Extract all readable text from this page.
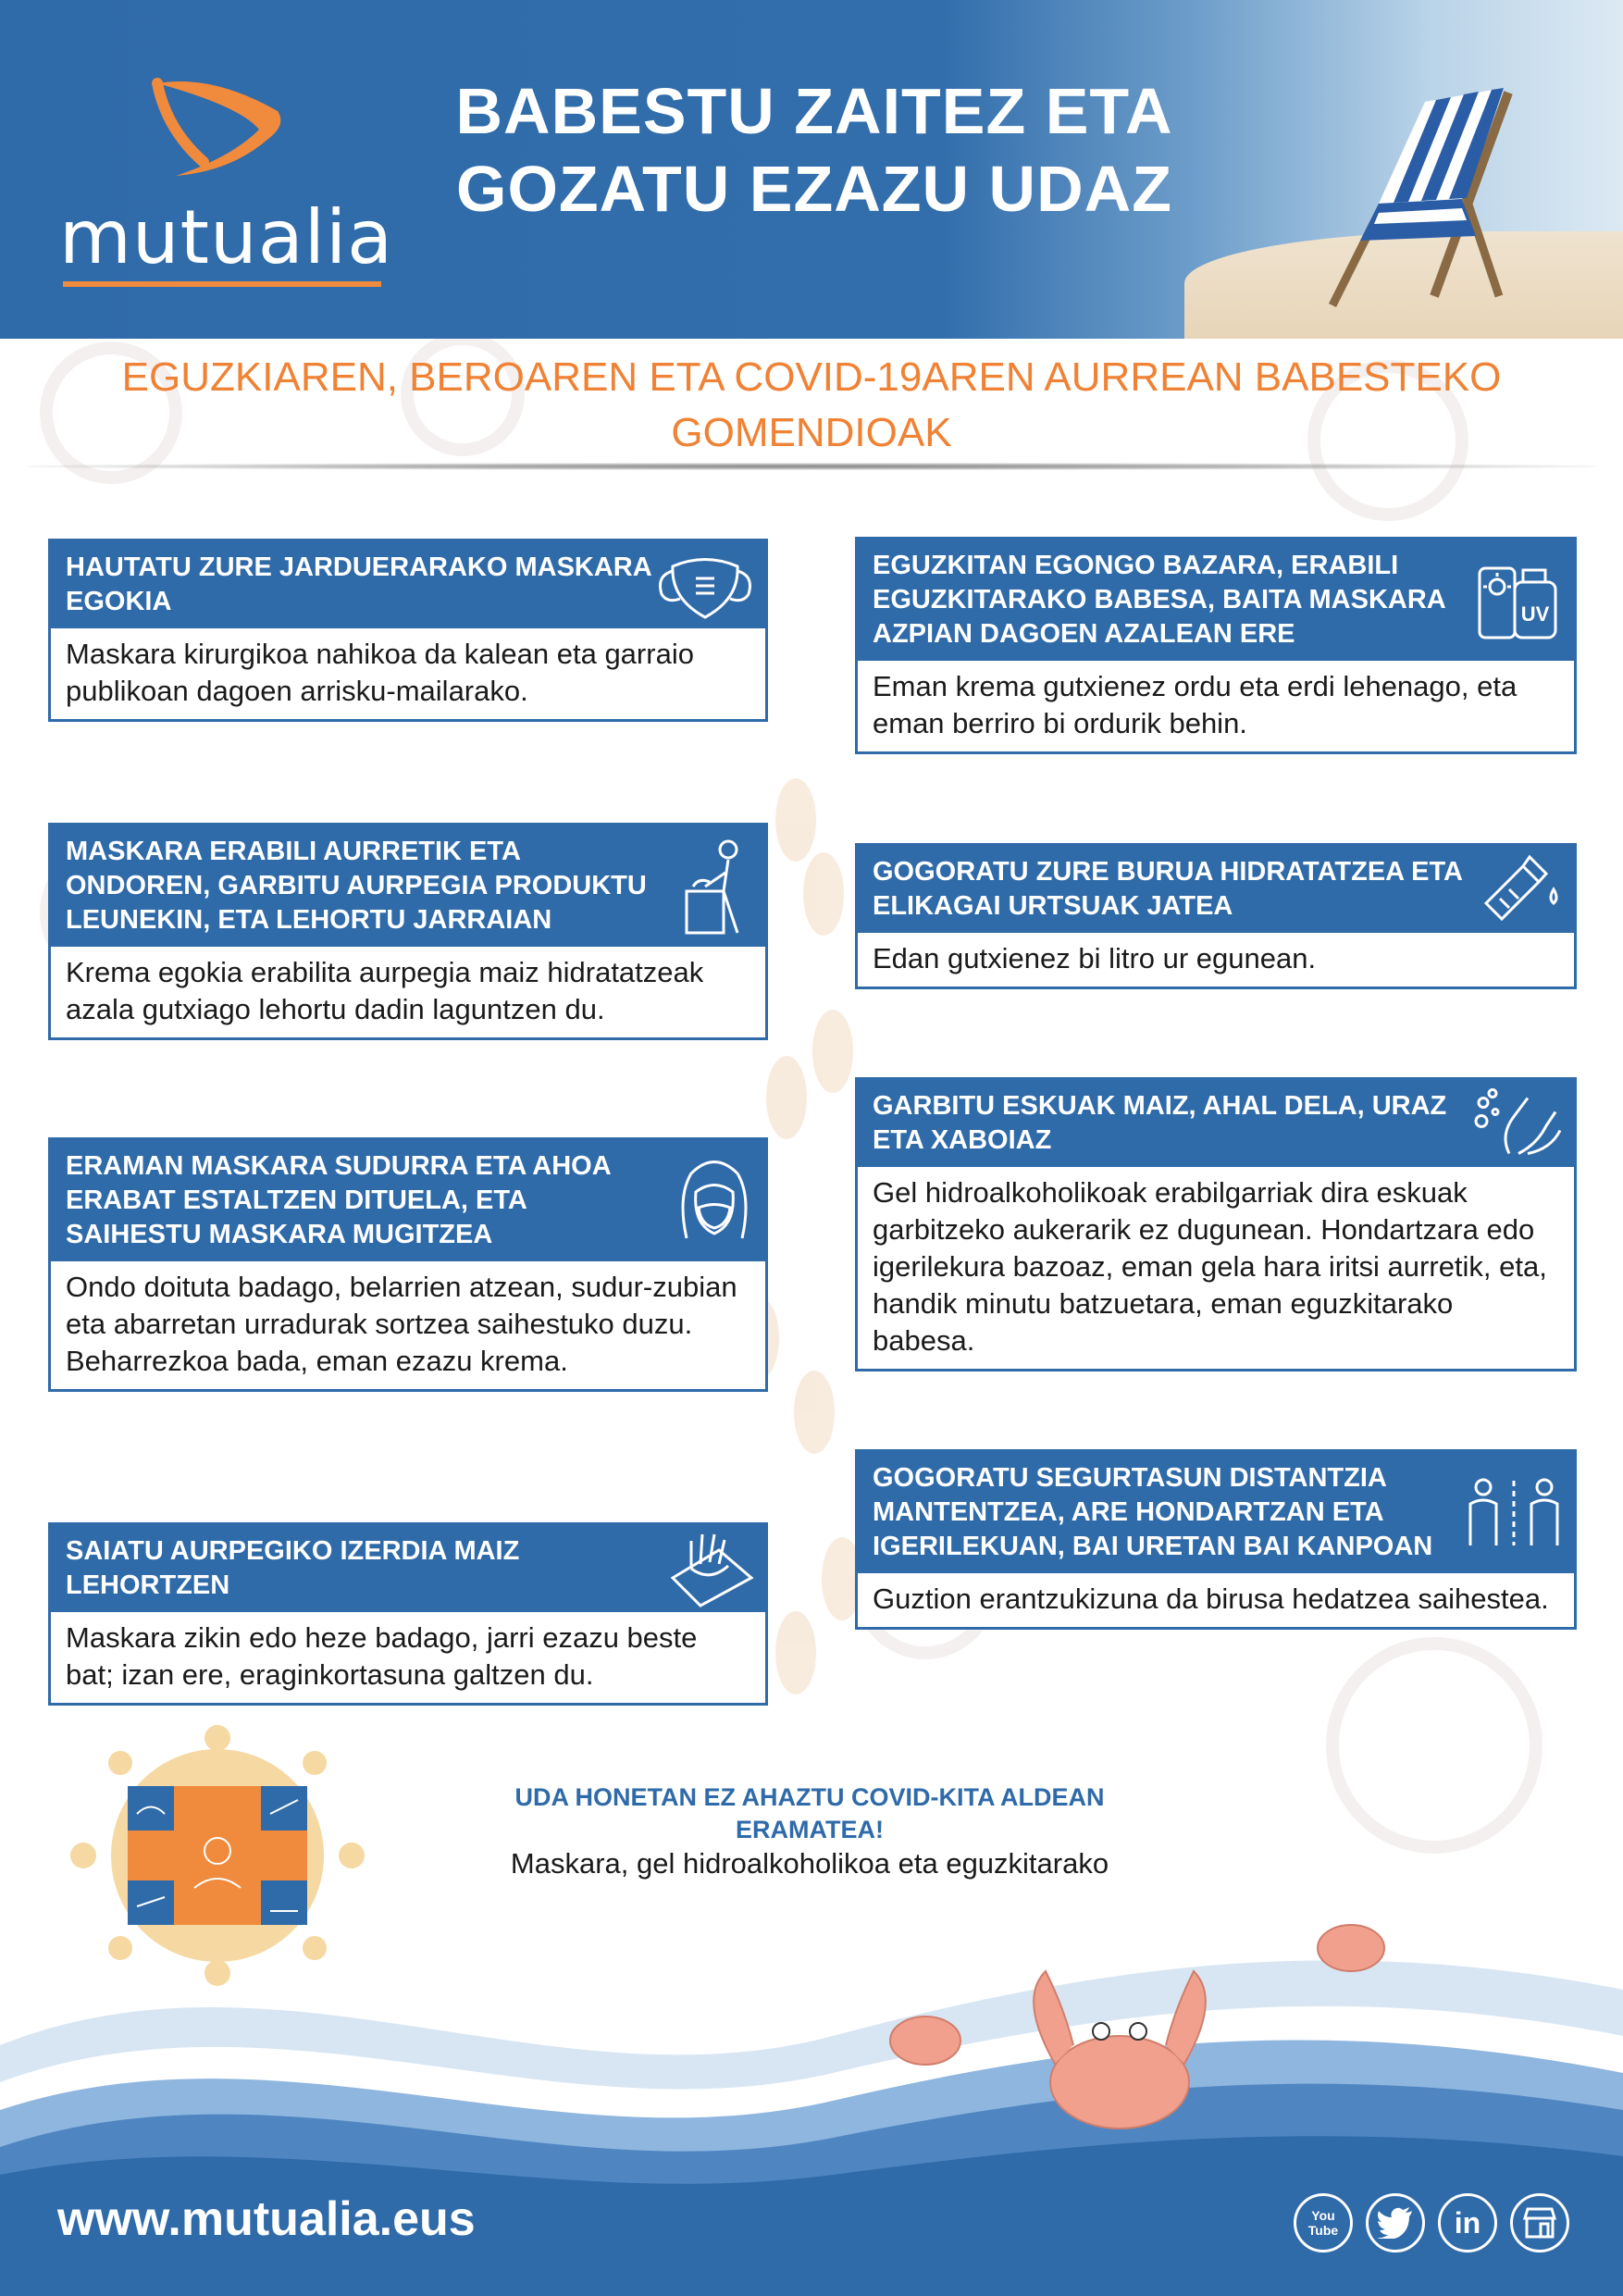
mutualia
BABESTU ZAITEZ ETA
GOZATU EZAZU UDAZ
EGUZKIAREN, BEROAREN ETA COVID-19AREN AURREAN BABESTEKO GOMENDIOAK
HAUTATU ZURE JARDUERARAKO MASKARA EGOKIA
Maskara kirurgikoa nahikoa da kalean eta garraio publikoan dagoen arrisku-mailarako.
MASKARA ERABILI AURRETIK ETA ONDOREN, GARBITU AURPEGIA PRODUKTU LEUNEKIN, ETA LEHORTU JARRAIAN
Krema egokia erabilita aurpegia maiz hidratatzeak azala gutxiago lehortu dadin laguntzen du.
ERAMAN MASKARA SUDURRA ETA AHOA ERABAT ESTALTZEN DITUELA, ETA SAIHESTU MASKARA MUGITZEA
Ondo doituta badago, belarrien atzean, sudur-zubian eta abarretan urradurak sortzea saihestuko duzu. Beharrezkoa bada, eman ezazu krema.
SAIATU AURPEGIKO IZERDIA MAIZ LEHORTZEN
Maskara zikin edo heze badago, jarri ezazu beste bat; izan ere, eraginkortasuna galtzen du.
EGUZKITAN EGONGO BAZARA, ERABILI EGUZKITARAKO BABESA, BAITA MASKARA AZPIAN DAGOEN AZALEAN ERE
UV
Eman krema gutxienez ordu eta erdi lehenago, eta eman berriro bi ordurik behin.
GOGORATU ZURE BURUA HIDRATATZEA ETA ELIKAGAI URTSUAK JATEA
Edan gutxienez bi litro ur egunean.
GARBITU ESKUAK MAIZ, AHAL DELA, URAZ ETA XABOIAZ
Gel hidroalkoholikoak erabilgarriak dira eskuak garbitzeko aukerarik ez dugunean. Hondartzara edo igerilekura bazoaz, eman gela hara iritsi aurretik, eta, handik minutu batzuetara, eman eguzkitarako babesa.
GOGORATU SEGURTASUN DISTANTZIA MANTENTZEA, ARE HONDARTZAN ETA IGERILEKUAN, BAI URETAN BAI KANPOAN
Guztion erantzukizuna da birusa hedatzea saihestea.
UDA HONETAN EZ AHAZTU COVID-KITA ALDEAN ERAMATEA!
Maskara, gel hidroalkoholikoa eta eguzkitarako
www.mutualia.eus	You Tube	in
